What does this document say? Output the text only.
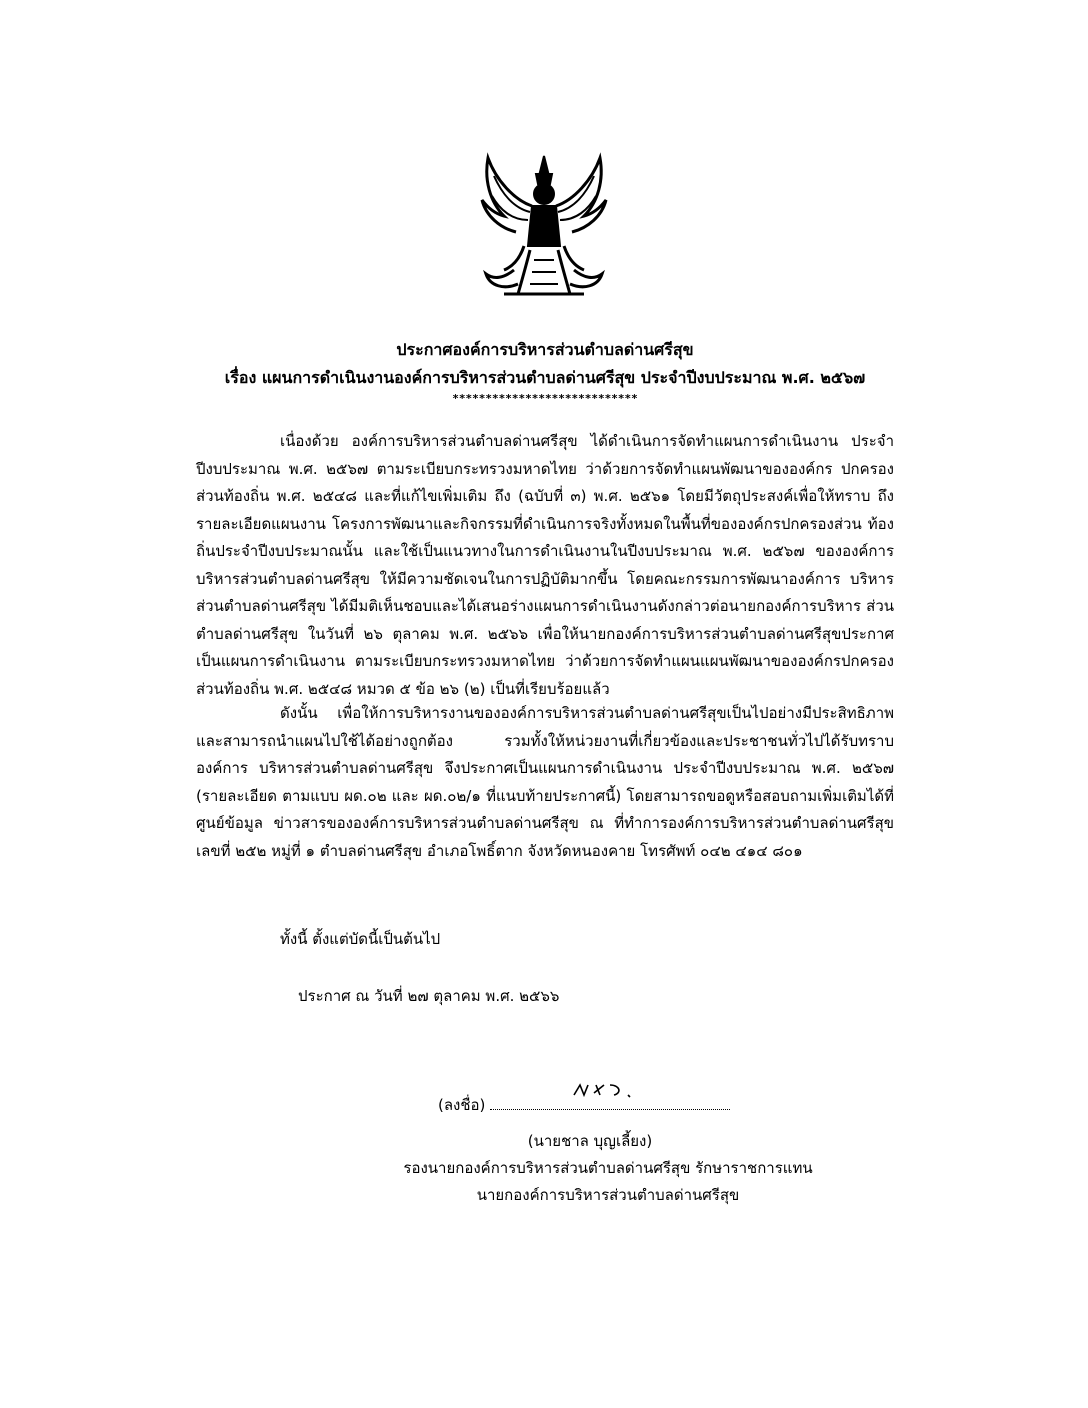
ประกาศองค์การบริหารส่วนตำบลด่านศรีสุข
เรื่อง แผนการดำเนินงานองค์การบริหารส่วนตำบลด่านศรีสุข ประจำปีงบประมาณ พ.ศ. ๒๕๖๗
****************************

เนื่องด้วย องค์การบริหารส่วนตำบลด่านศรีสุข ได้ดำเนินการจัดทำแผนการดำเนินงาน ประจำปีงบประมาณ พ.ศ. ๒๕๖๗ ตามระเบียบกระทรวงมหาดไทย ว่าด้วยการจัดทำแผนพัฒนาขององค์กร ปกครองส่วนท้องถิ่น พ.ศ. ๒๕๔๘ และที่แก้ไขเพิ่มเติม ถึง (ฉบับที่ ๓) พ.ศ. ๒๕๖๑ โดยมีวัตถุประสงค์เพื่อให้ทราบ ถึงรายละเอียดแผนงาน โครงการพัฒนาและกิจกรรมที่ดำเนินการจริงทั้งหมดในพื้นที่ขององค์กรปกครองส่วน ท้องถิ่นประจำปีงบประมาณนั้น และใช้เป็นแนวทางในการดำเนินงานในปีงบประมาณ พ.ศ. ๒๕๖๗ ขององค์การบริหารส่วนตำบลด่านศรีสุข ให้มีความชัดเจนในการปฏิบัติมากขึ้น โดยคณะกรรมการพัฒนาองค์การ บริหารส่วนตำบลด่านศรีสุข ได้มีมติเห็นชอบและได้เสนอร่างแผนการดำเนินงานดังกล่าวต่อนายกองค์การบริหาร ส่วนตำบลด่านศรีสุข ในวันที่ ๒๖ ตุลาคม พ.ศ. ๒๕๖๖ เพื่อให้นายกองค์การบริหารส่วนตำบลด่านศรีสุขประกาศ เป็นแผนการดำเนินงาน ตามระเบียบกระทรวงมหาดไทย ว่าด้วยการจัดทำแผนแผนพัฒนาขององค์กรปกครอง ส่วนท้องถิ่น พ.ศ. ๒๕๔๘ หมวด ๕ ข้อ ๒๖ (๒) เป็นที่เรียบร้อยแล้ว

ดังนั้น เพื่อให้การบริหารงานขององค์การบริหารส่วนตำบลด่านศรีสุขเป็นไปอย่างมีประสิทธิภาพ และสามารถนำแผนไปใช้ได้อย่างถูกต้อง รวมทั้งให้หน่วยงานที่เกี่ยวข้องและประชาชนทั่วไปได้รับทราบ องค์การ บริหารส่วนตำบลด่านศรีสุข จึงประกาศเป็นแผนการดำเนินงาน ประจำปีงบประมาณ พ.ศ. ๒๕๖๗ (รายละเอียด ตามแบบ ผด.๐๒ และ ผด.๐๒/๑ ที่แนบท้ายประกาศนี้) โดยสามารถขอดูหรือสอบถามเพิ่มเติมได้ที่ศูนย์ข้อมูล ข่าวสารขององค์การบริหารส่วนตำบลด่านศรีสุข ณ ที่ทำการองค์การบริหารส่วนตำบลด่านศรีสุข เลขที่ ๒๕๒ หมู่ที่ ๑ ตำบลด่านศรีสุข อำเภอโพธิ์ตาก จังหวัดหนองคาย โทรศัพท์ ๐๔๒ ๔๑๔ ๘๐๑

ทั้งนี้ ตั้งแต่บัดนี้เป็นต้นไป

ประกาศ ณ วันที่ ๒๗ ตุลาคม พ.ศ. ๒๕๖๖

(ลงชื่อ)
(นายชาล บุญเลี้ยง)
รองนายกองค์การบริหารส่วนตำบลด่านศรีสุข รักษาราชการแทน
นายกองค์การบริหารส่วนตำบลด่านศรีสุข
